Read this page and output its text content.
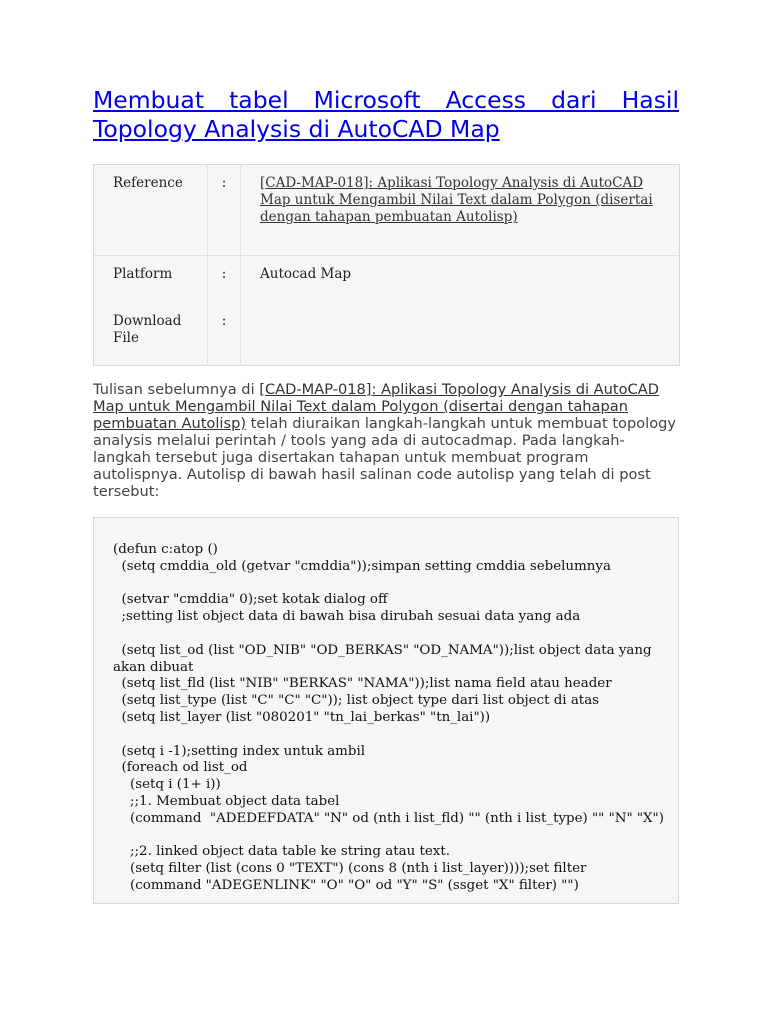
Membuat tabel Microsoft Access dari Hasil Topology Analysis di AutoCAD Map
Reference	:	[CAD-MAP-018]: Aplikasi Topology Analysis di AutoCAD Map untuk Mengambil Nilai Text dalam Polygon (disertai dengan tahapan pembuatan Autolisp)
Platform	:	Autocad Map
Download File	:	

Tulisan sebelumnya di [CAD-MAP-018]: Aplikasi Topology Analysis di AutoCAD Map untuk Mengambil Nilai Text dalam Polygon (disertai dengan tahapan pembuatan Autolisp) telah diuraikan langkah-langkah untuk membuat topology analysis melalui perintah / tools yang ada di autocadmap. Pada langkah-langkah tersebut juga disertakan tahapan untuk membuat program autolispnya. Autolisp di bawah hasil salinan code autolisp yang telah di post tersebut:

(defun c:atop ()

(setq cmddia_old (getvar "cmddia"));simpan setting cmddia sebelumnya

(setvar "cmddia" 0);set kotak dialog off

;setting list object data di bawah bisa dirubah sesuai data yang ada

(setq list_od (list "OD_NIB" "OD_BERKAS" "OD_NAMA"));list object data yang akan dibuat

(setq list_fld (list "NIB" "BERKAS" "NAMA"));list nama field atau header

(setq list_type (list "C" "C" "C")); list object type dari list object di atas

(setq list_layer (list "080201" "tn_lai_berkas" "tn_lai"))

(setq i -1);setting index untuk ambil

(foreach od list_od

(setq i (1+ i))

;;1. Membuat object data tabel

(command  "ADEDEFDATA" "N" od (nth i list_fld) "" (nth i list_type) "" "N" "X")

;;2. linked object data table ke string atau text.

(setq filter (list (cons 0 "TEXT") (cons 8 (nth i list_layer))));set filter

(command "ADEGENLINK" "O" "O" od "Y" "S" (ssget "X" filter) "")
